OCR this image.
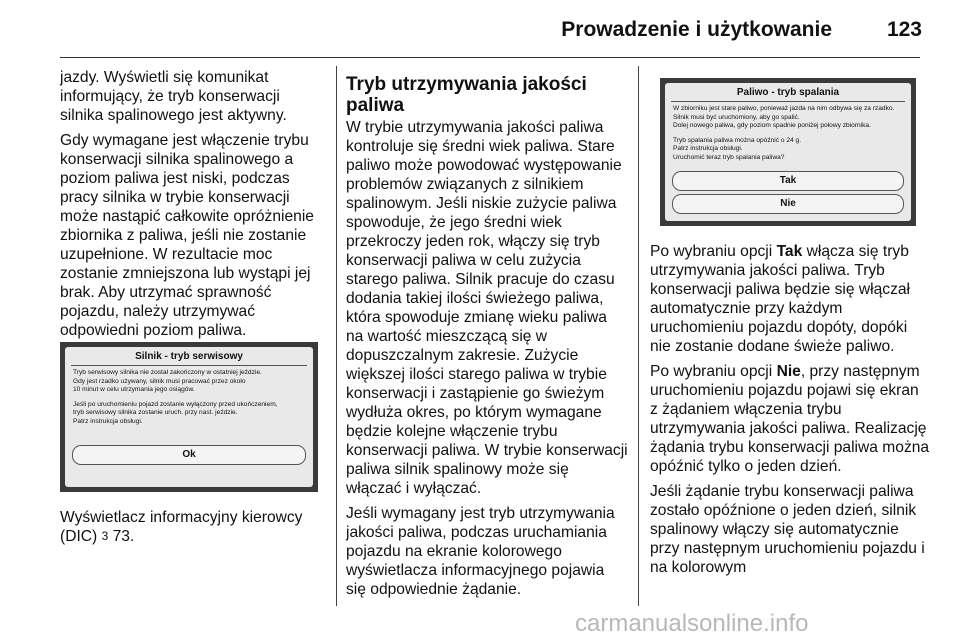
Prowadzenie i użytkowanie	123

jazdy. Wyświetli się komunikat informujący, że tryb konserwacji silnika spalinowego jest aktywny.

Gdy wymagane jest włączenie trybu konserwacji silnika spalinowego a poziom paliwa jest niski, podczas pracy silnika w trybie konserwacji może nastąpić całkowite opróżnienie zbiornika z paliwa, jeśli nie zostanie uzupełnione. W rezultacie moc zostanie zmniejszona lub wystąpi jej brak. Aby utrzymać sprawność pojazdu, należy utrzymywać odpowiedni poziom paliwa.

Silnik - tryb serwisowy
Tryb serwisowy silnika nie został zakończony w ostatniej jeździe.
Gdy jest rzadko używany, silnik musi pracować przez około
10 minut w celu utrzymania jego osiągów.
Jeśli po uruchomieniu pojazd zostanie wyłączony przed ukończeniem,
tryb serwisowy silnika zostanie uruch. przy nast. jeździe.
Patrz instrukcja obsługi.
Ok

Wyświetlacz informacyjny kierowcy (DIC) 3 73.

Tryb utrzymywania jakości paliwa

W trybie utrzymywania jakości paliwa kontroluje się średni wiek paliwa. Stare paliwo może powodować występowanie problemów związanych z silnikiem spalinowym. Jeśli niskie zużycie paliwa spowoduje, że jego średni wiek przekroczy jeden rok, włączy się tryb konserwacji paliwa w celu zużycia starego paliwa. Silnik pracuje do czasu dodania takiej ilości świeżego paliwa, która spowoduje zmianę wieku paliwa na wartość mieszczącą się w dopuszczalnym zakresie. Zużycie większej ilości starego paliwa w trybie konserwacji i zastąpienie go świeżym wydłuża okres, po którym wymagane będzie kolejne włączenie trybu konserwacji paliwa. W trybie konserwacji paliwa silnik spalinowy może się włączać i wyłączać.

Jeśli wymagany jest tryb utrzymywania jakości paliwa, podczas uruchamiania pojazdu na ekranie kolorowego wyświetlacza informacyjnego pojawia się odpowiednie żądanie.

Paliwo - tryb spalania
W zbiorniku jest stare paliwo, ponieważ jazda na nim odbywa się za rzadko.
Silnik musi być uruchomiony, aby go spalić.
Dolej nowego paliwa, gdy poziom spadnie poniżej połowy zbiornika.
Tryb spalania paliwa można opóźnić o 24 g.
Patrz instrukcja obsługi.
Uruchomić teraz tryb spalania paliwa?
Tak
Nie

Po wybraniu opcji Tak włącza się tryb utrzymywania jakości paliwa. Tryb konserwacji paliwa będzie się włączał automatycznie przy każdym uruchomieniu pojazdu dopóty, dopóki nie zostanie dodane świeże paliwo.

Po wybraniu opcji Nie, przy następnym uruchomieniu pojazdu pojawi się ekran z żądaniem włączenia trybu utrzymywania jakości paliwa. Realizację żądania trybu konserwacji paliwa można opóźnić tylko o jeden dzień.

Jeśli żądanie trybu konserwacji paliwa zostało opóźnione o jeden dzień, silnik spalinowy włączy się automatycznie przy następnym uruchomieniu pojazdu i na kolorowym

carmanualsonline.info
